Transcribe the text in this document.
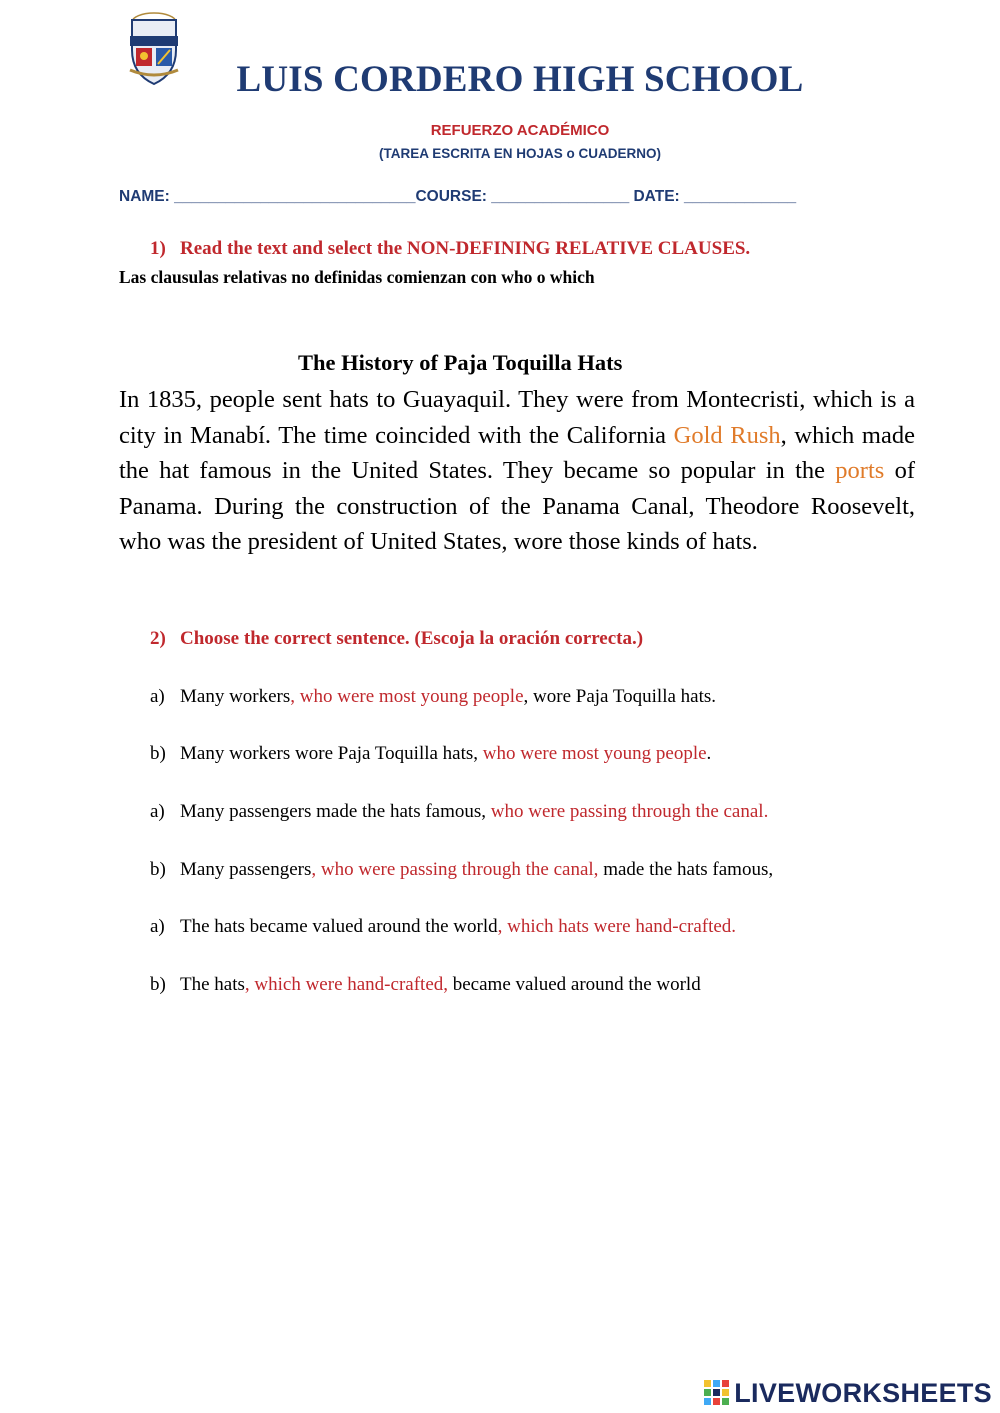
LUIS CORDERO HIGH SCHOOL
REFUERZO ACADÉMICO
(TAREA ESCRITA EN HOJAS o CUADERNO)
NAME: ____________________________COURSE: ________________ DATE: _____________
1) Read the text and select the NON-DEFINING RELATIVE CLAUSES.
Las clausulas relativas no definidas comienzan con who o which
The History of Paja Toquilla Hats
In 1835, people sent hats to Guayaquil. They were from Montecristi, which is a city in Manabí. The time coincided with the California Gold Rush, which made the hat famous in the United States. They became so popular in the ports of Panama. During the construction of the Panama Canal, Theodore Roosevelt, who was the president of United States, wore those kinds of hats.
2) Choose the correct sentence. (Escoja la oración correcta.)
a) Many workers, who were most young people, wore Paja Toquilla hats.
b) Many workers wore Paja Toquilla hats, who were most young people.
a) Many passengers made the hats famous, who were passing through the canal.
b) Many passengers, who were passing through the canal, made the hats famous,
a) The hats became valued around the world, which hats were hand-crafted.
b) The hats, which were hand-crafted, became valued around the world
LIVEWORKSHEETS
